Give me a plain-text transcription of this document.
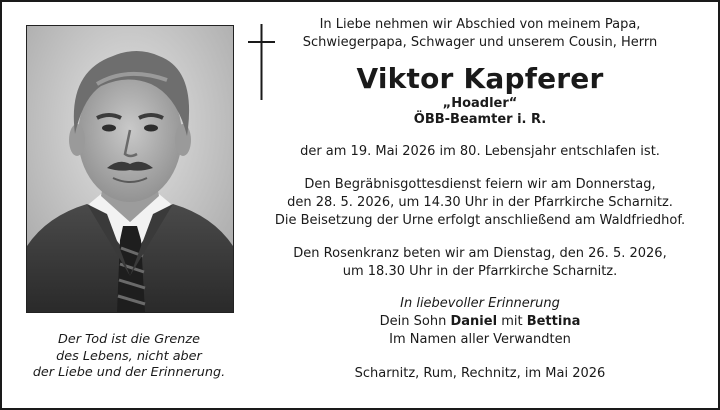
Der Tod ist die Grenze
des Lebens, nicht aber
der Liebe und der Erinnerung.
In Liebe nehmen wir Abschied von meinem Papa,
Schwiegerpapa, Schwager und unserem Cousin, Herrn
Viktor Kapferer
„Hoadler“
ÖBB-Beamter i. R.
der am 19. Mai 2026 im 80. Lebensjahr entschlafen ist.
Den Begräbnisgottesdienst feiern wir am Donnerstag,
den 28. 5. 2026, um 14.30 Uhr in der Pfarrkirche Scharnitz.
Die Beisetzung der Urne erfolgt anschließend am Waldfriedhof.
Den Rosenkranz beten wir am Dienstag, den 26. 5. 2026,
um 18.30 Uhr in der Pfarrkirche Scharnitz.
In liebevoller Erinnerung
Dein Sohn Daniel mit Bettina
Im Namen aller Verwandten
Scharnitz, Rum, Rechnitz, im Mai 2026
